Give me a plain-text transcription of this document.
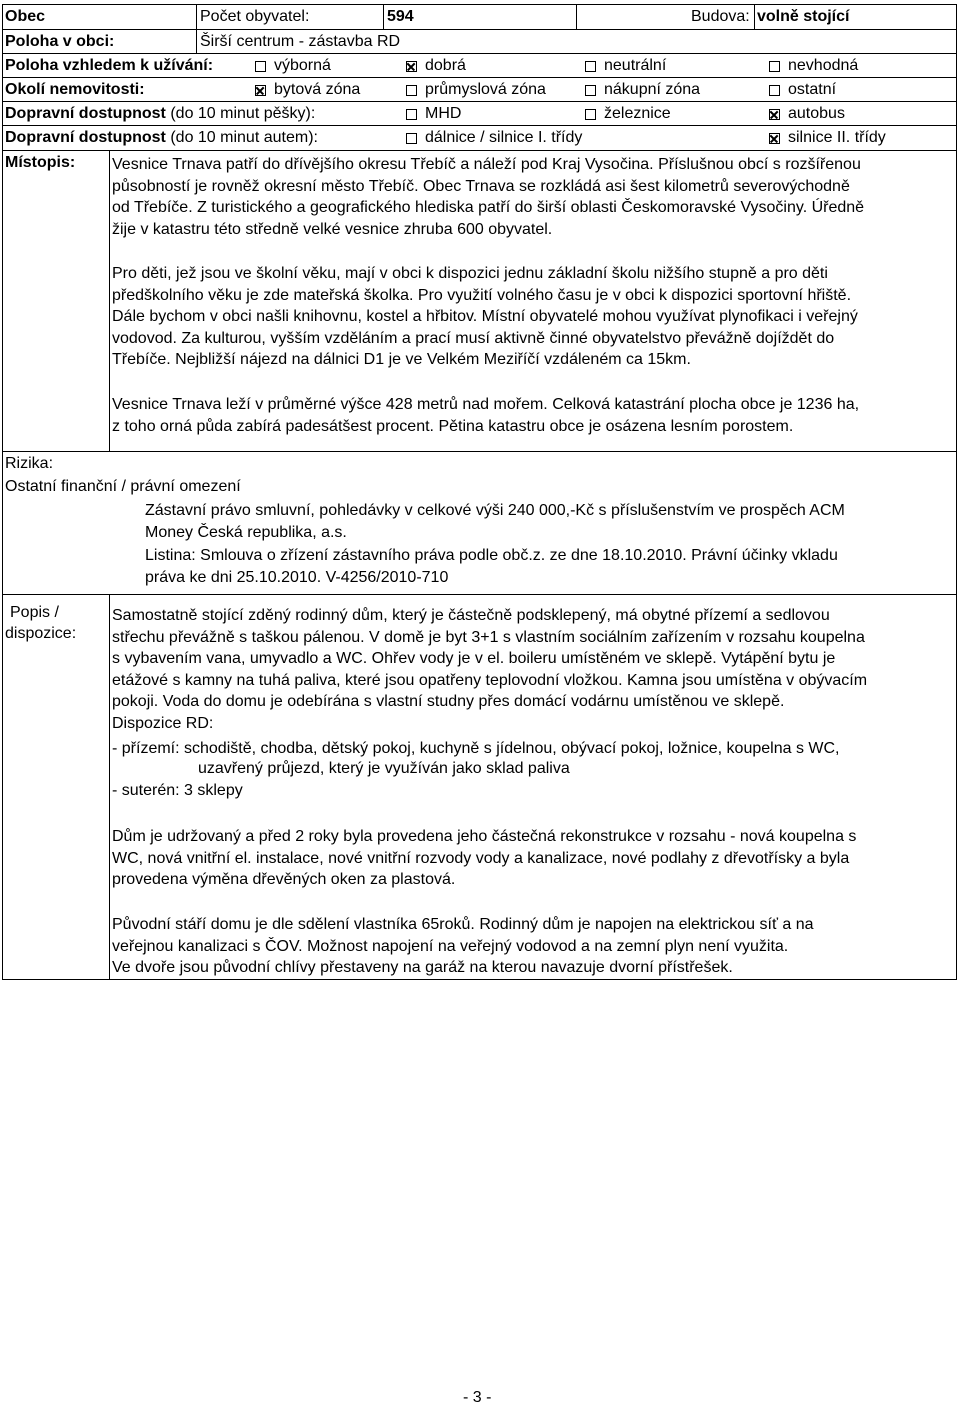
Obec	Počet obyvatel:	594	Budova: volně stojící
Poloha v obci:	Širší centrum - zástavba RD
Poloha vzhledem k užívání:	výborná	dobrá	neutrální	nevhodná
Okolí nemovitosti:	bytová zóna	průmyslová zóna	nákupní zóna	ostatní
Dopravní dostupnost (do 10 minut pěšky):	MHD	železnice	autobus
Dopravní dostupnost (do 10 minut autem):	dálnice / silnice I. třídy	silnice II. třídy
Místopis: Vesnice Trnava patří do dřívějšího okresu Třebíč a náleží pod Kraj Vysočina. Příslušnou obcí s rozšířenou

působností je rovněž okresní město Třebíč. Obec Trnava se rozkládá asi šest kilometrů severovýchodně

od Třebíče. Z turistického a geografického hlediska patří do širší oblasti Českomoravské Vysočiny. Úředně

žije v katastru této středně velké vesnice zhruba 600 obyvatel.

Pro děti, jež jsou ve školní věku, mají v obci k dispozici jednu základní školu nižšího stupně a pro děti

předškolního věku je zde mateřská školka. Pro využití volného času je v obci k dispozici sportovní hřiště.

Dále bychom v obci našli knihovnu, kostel a hřbitov. Místní obyvatelé mohou využívat plynofikaci i veřejný

vodovod. Za kulturou, vyšším vzděláním a prací musí aktivně činné obyvatelstvo převážně dojíždět do

Třebíče. Nejbližší nájezd na dálnici D1 je ve Velkém Meziříčí vzdáleném ca 15km.

Vesnice Trnava leží v průměrné výšce 428 metrů nad mořem. Celková katastrání plocha obce je 1236 ha,

z toho orná půda zabírá padesátšest procent. Pětina katastru obce je osázena lesním porostem.

Rizika:
Ostatní finanční / právní omezení

Zástavní právo smluvní, pohledávky v celkové výši 240 000,-Kč s příslušenstvím ve prospěch ACM

Money Česká republika, a.s.

Listina: Smlouva o zřízení zástavního práva podle obč.z. ze dne 18.10.2010. Právní účinky vkladu

práva ke dni 25.10.2010. V-4256/2010-710

Popis /
dispozice:

Samostatně stojící zděný rodinný dům, který je částečně podsklepený, má obytné přízemí a sedlovou

střechu převážně s taškou pálenou. V domě je byt 3+1 s vlastním sociálním zařízením v rozsahu koupelna

s vybavením vana, umyvadlo a WC. Ohřev vody je v el. boileru umístěném ve sklepě. Vytápění bytu je

etážové s kamny na tuhá paliva, které jsou opatřeny teplovodní vložkou. Kamna jsou umístěna v obývacím

pokoji. Voda do domu je odebírána s vlastní studny přes domácí vodárnu umístěnou ve sklepě.

Dispozice RD:

- přízemí: schodiště, chodba, dětský pokoj, kuchyně s jídelnou, obývací pokoj, ložnice, koupelna s WC,

uzavřený průjezd, který je využíván jako sklad paliva
- suterén: 3 sklepy

Dům je udržovaný a před 2 roky byla provedena jeho částečná rekonstrukce v rozsahu - nová koupelna s

WC, nová vnitřní el. instalace, nové vnitřní rozvody vody a kanalizace, nové podlahy z dřevotřísky a byla

provedena výměna dřevěných oken za plastová.

Původní stáří domu je dle sdělení vlastníka 65roků. Rodinný dům je napojen na elektrickou síť a na

veřejnou kanalizaci s ČOV. Možnost napojení na veřejný vodovod a na zemní plyn není využita.

Ve dvoře jsou původní chlívy přestaveny na garáž na kterou navazuje dvorní přístřešek.

- 3 -
